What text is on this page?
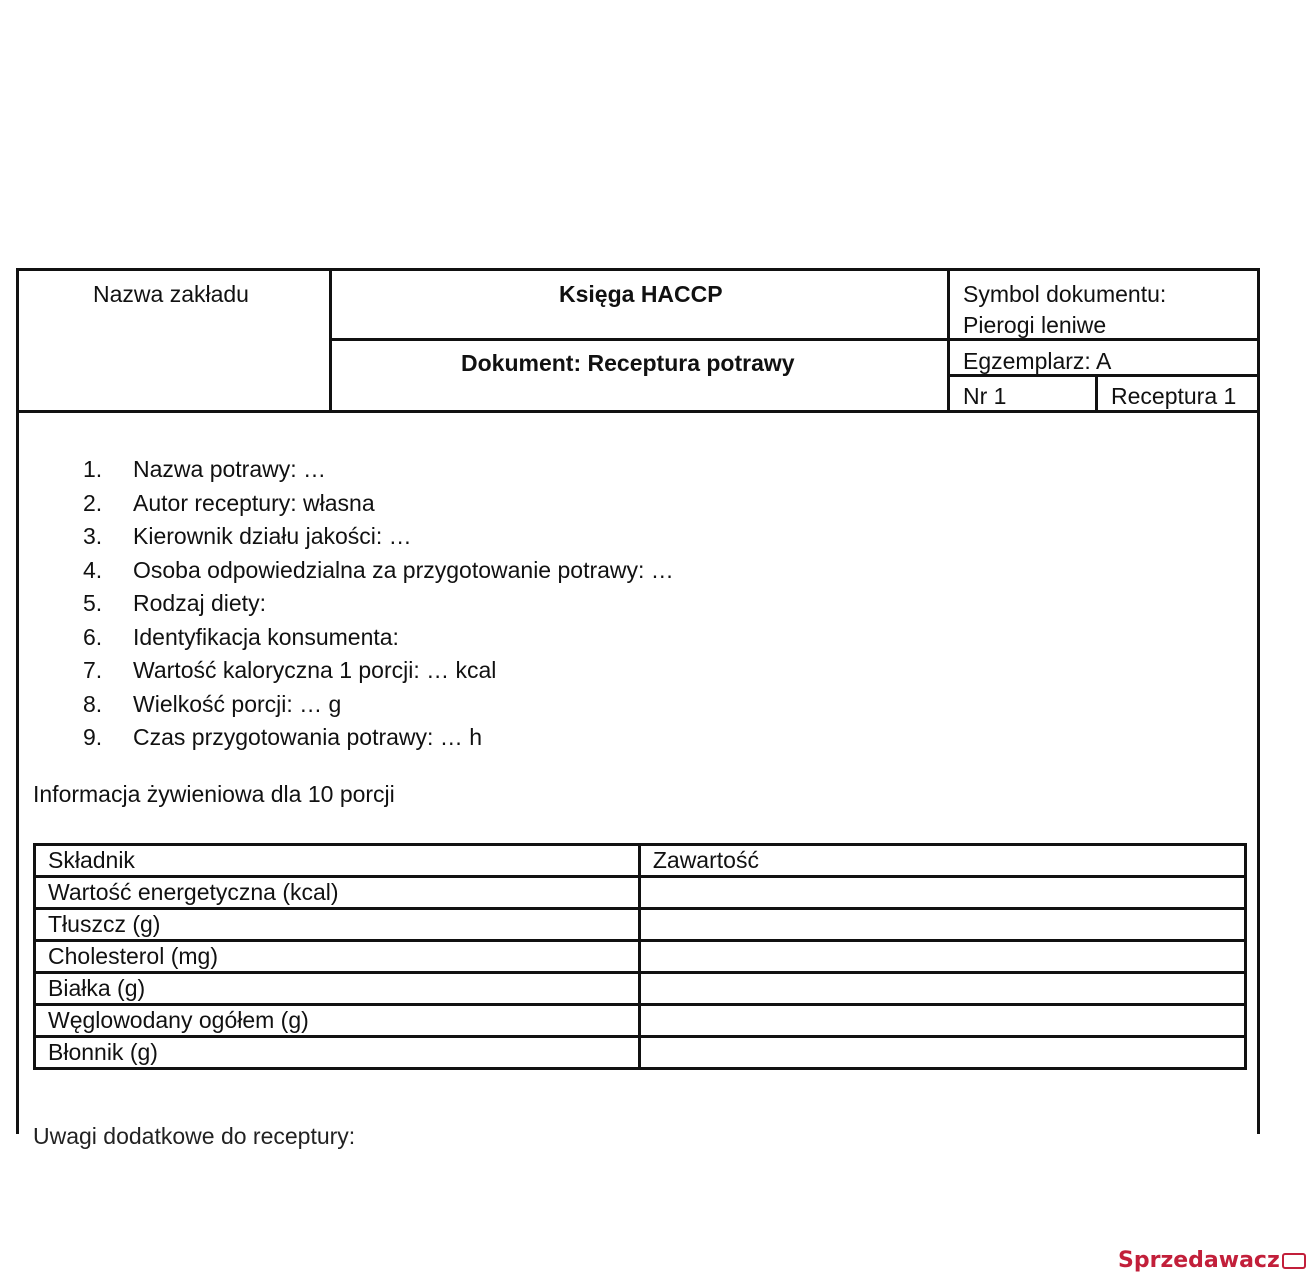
Nazwa zakładu	Księga HACCP
Dokument: Receptura potrawy
Symbol dokumentu:
Pierogi leniwe
Egzemplarz: A
Nr 1	Receptura 1
1. Nazwa potrawy: …
2. Autor receptury: własna
3. Kierownik działu jakości: …
4. Osoba odpowiedzialna za przygotowanie potrawy: …
5. Rodzaj diety:
6. Identyfikacja konsumenta:
7. Wartość kaloryczna 1 porcji: … kcal
8. Wielkość porcji: … g
9. Czas przygotowania potrawy: … h
Informacja żywieniowa dla 10 porcji
Składnik	Zawartość
Wartość energetyczna (kcal)	
Tłuszcz (g)	
Cholesterol (mg)	
Białka (g)	
Węglowodany ogółem (g)	
Błonnik (g)	
Uwagi dodatkowe do receptury:
Sprzedawacz
